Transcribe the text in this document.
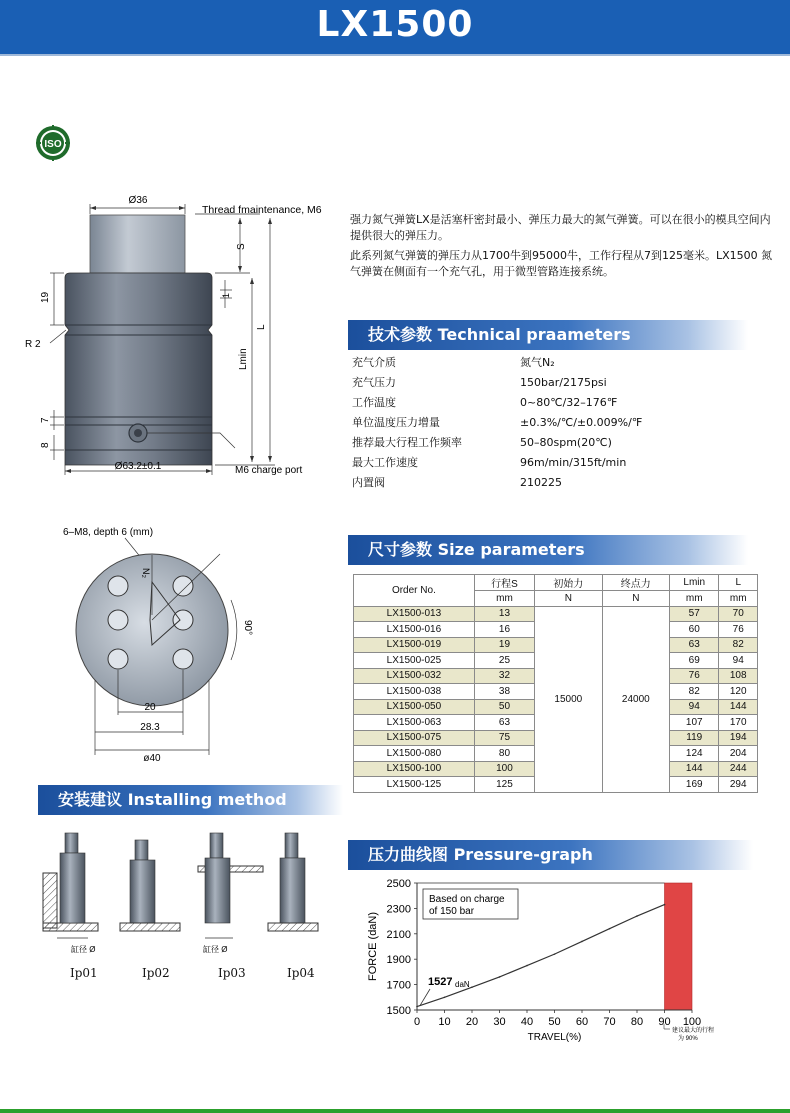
LX1500
ISO
Ø36
Thread fmaintenance, M6
S
L
Lmin
19	1
R 2
7
8
Ø63.2±0.1	M6 charge port
6–M8, depth 6 (mm)
N₂
90°
20
28.3
ø40
强力氮气弹簧LX是活塞杆密封最小、弹压力最大的氮气弹簧。可以在很小的模具空间内提供很大的弹压力。
此系列氮气弹簧的弹压力从1700牛到95000牛，工作行程从7到125毫米。LX1500 氮气弹簧在侧面有一个充气孔，用于微型管路连接系统。
技术参数 Technical praameters
充气介质	氮气N₂
充气压力	150bar/2175psi
工作温度	0~80℃/32–176℉
单位温度压力增量	±0.3%/℃/±0.009%/℉
推荐最大行程工作频率	50–80spm(20℃)
最大工作速度	96m/min/315ft/min
内置阀	210225
尺寸参数 Size parameters
Order No.	行程S	初始力	终点力	Lmin	L
	mm	N	N	mm	mm
LX1500-013	13	15000	24000	57	70
LX1500-016	16			60	76
LX1500-019	19			63	82
LX1500-025	25			69	94
LX1500-032	32			76	108
LX1500-038	38			82	120
LX1500-050	50			94	144
LX1500-063	63			107	170
LX1500-075	75			119	194
LX1500-080	80			124	204
LX1500-100	100			144	244
LX1500-125	125			169	294
安装建议 Installing method
缸径 Ø	缸径 Ø
Ip01	Ip02	Ip03	Ip04
压力曲线图 Pressure-graph
0 10 20 30 40 50 60 70 80 90 100
1500
1700
1900
2100
2300
2500
TRAVEL(%)
FORCE (daN)
Based on charge
of 150 bar
1527 daN
建议最大的行程
为 90%
